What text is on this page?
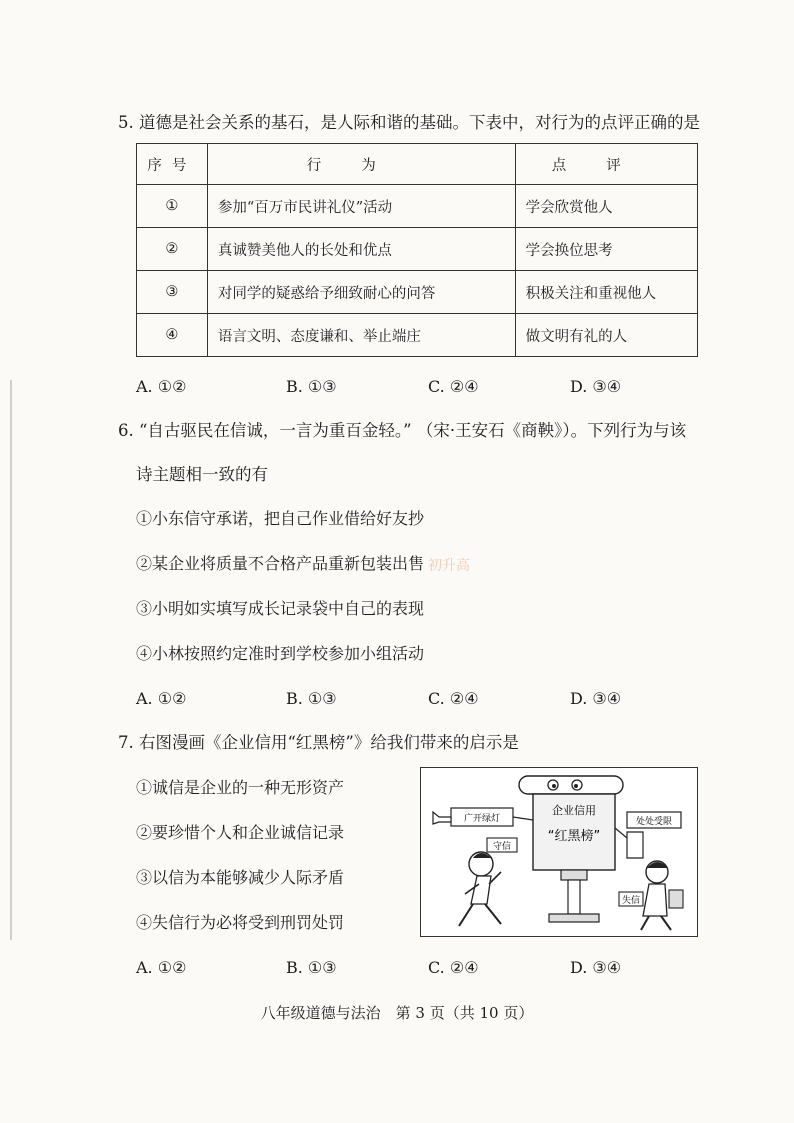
5. 道德是社会关系的基石，是人际和谐的基础。下表中，对行为的点评正确的是
序号	行为	点评
①	参加“百万市民讲礼仪”活动	学会欣赏他人
②	真诚赞美他人的长处和优点	学会换位思考
③	对同学的疑惑给予细致耐心的问答	积极关注和重视他人
④	语言文明、态度谦和、举止端庄	做文明有礼的人
A. ①②	B. ①③	C. ②④	D. ③④
6. “自古驱民在信诚，一言为重百金轻。” （宋·王安石《商鞅》）。下列行为与该
诗主题相一致的有
①小东信守承诺，把自己作业借给好友抄
②某企业将质量不合格产品重新包装出售
③小明如实填写成长记录袋中自己的表现
④小林按照约定准时到学校参加小组活动
初升高
A. ①②	B. ①③	C. ②④	D. ③④
7. 右图漫画《企业信用“红黑榜”》给我们带来的启示是
①诚信是企业的一种无形资产
②要珍惜个人和企业诚信记录
③以信为本能够减少人际矛盾
④失信行为必将受到刑罚处罚
企业信用
“红黑榜”
广开绿灯	处处受限
守信
失信
A. ①②	B. ①③	C. ②④	D. ③④
八年级道德与法治　第 3 页（共 10 页）
